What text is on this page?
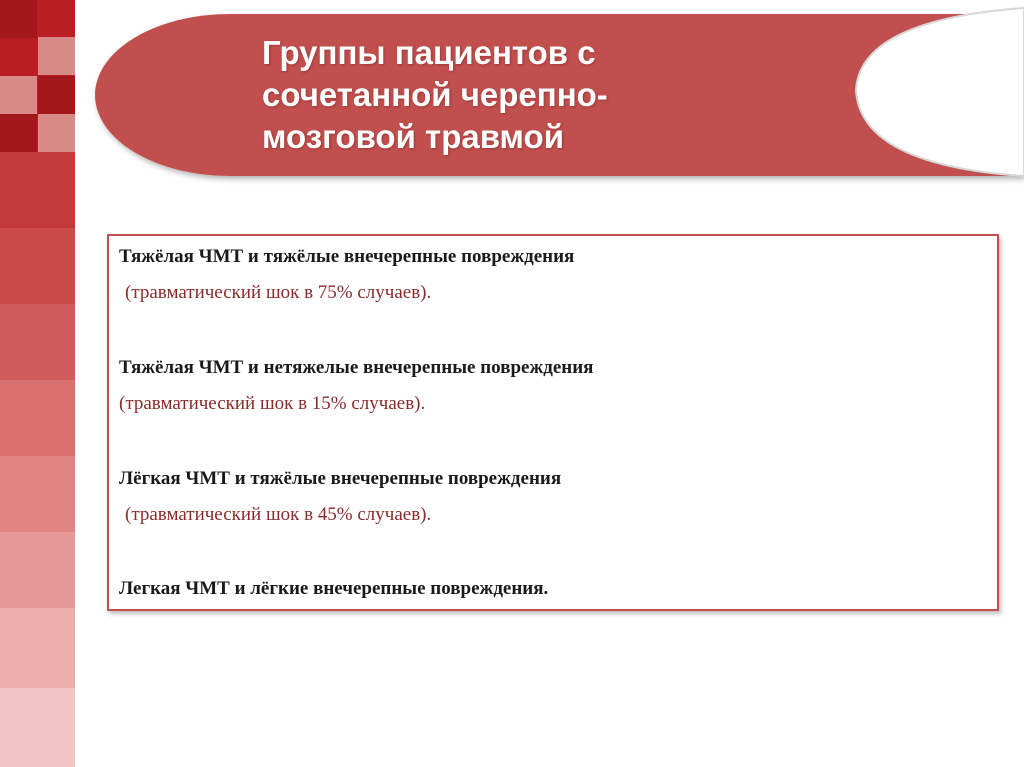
Группы пациентов с
сочетанной черепно-
мозговой травмой

Тяжёлая ЧМТ и тяжёлые внечерепные повреждения

(травматический шок в 75% случаев).

Тяжёлая ЧМТ и нетяжелые внечерепные повреждения

(травматический шок в 15% случаев).

Лёгкая ЧМТ и тяжёлые внечерепные повреждения

(травматический шок в 45% случаев).

Легкая ЧМТ и лёгкие внечерепные повреждения.
